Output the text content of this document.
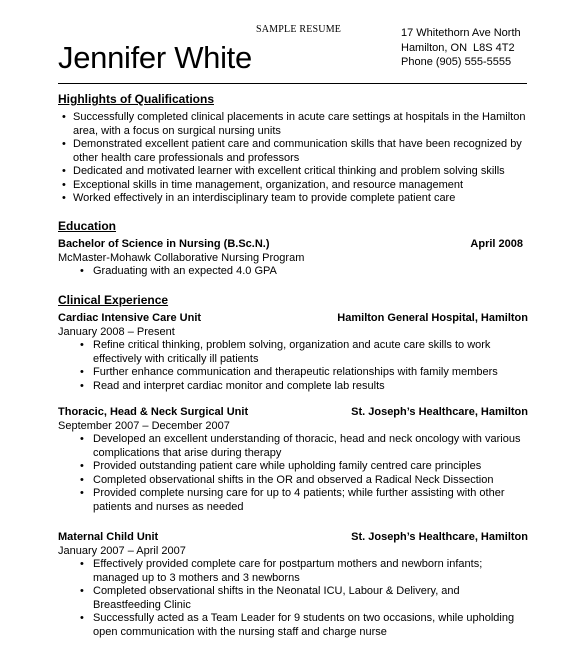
SAMPLE RESUME
Jennifer White
17 Whitethorn Ave North
Hamilton, ON L8S 4T2
Phone (905) 555-5555
Highlights of Qualifications
• Successfully completed clinical placements in acute care settings at hospitals in the Hamilton area, with a focus on surgical nursing units
• Demonstrated excellent patient care and communication skills that have been recognized by other health care professionals and professors
• Dedicated and motivated learner with excellent critical thinking and problem solving skills
• Exceptional skills in time management, organization, and resource management
• Worked effectively in an interdisciplinary team to provide complete patient care
Education
Bachelor of Science in Nursing (B.Sc.N.)	April 2008
McMaster-Mohawk Collaborative Nursing Program
• Graduating with an expected 4.0 GPA
Clinical Experience
Cardiac Intensive Care Unit	Hamilton General Hospital, Hamilton
January 2008 – Present
• Refine critical thinking, problem solving, organization and acute care skills to work effectively with critically ill patients
• Further enhance communication and therapeutic relationships with family members
• Read and interpret cardiac monitor and complete lab results
Thoracic, Head & Neck Surgical Unit	St. Joseph’s Healthcare, Hamilton
September 2007 – December 2007
• Developed an excellent understanding of thoracic, head and neck oncology with various complications that arise during therapy
• Provided outstanding patient care while upholding family centred care principles
• Completed observational shifts in the OR and observed a Radical Neck Dissection
• Provided complete nursing care for up to 4 patients; while further assisting with other patients and nurses as needed
Maternal Child Unit	St. Joseph’s Healthcare, Hamilton
January 2007 – April 2007
• Effectively provided complete care for postpartum mothers and newborn infants; managed up to 3 mothers and 3 newborns
• Completed observational shifts in the Neonatal ICU, Labour & Delivery, and Breastfeeding Clinic
• Successfully acted as a Team Leader for 9 students on two occasions, while upholding open communication with the nursing staff and charge nurse
